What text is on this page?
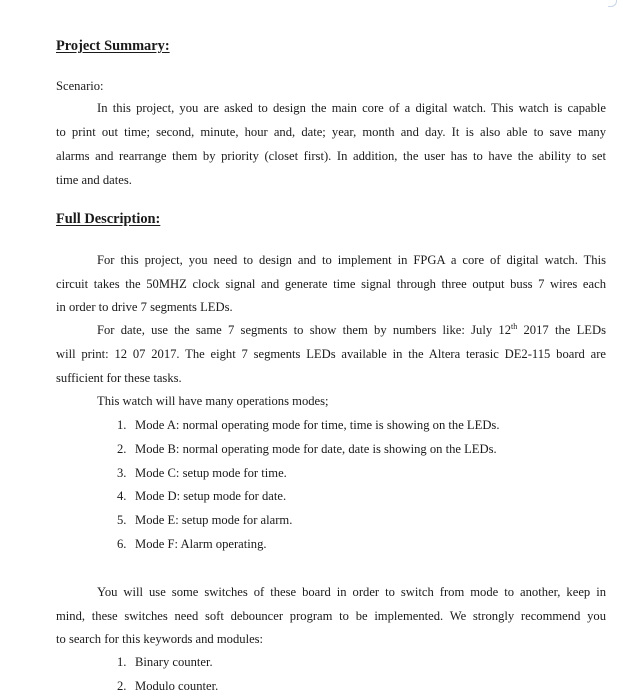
Project Summary:
Scenario:
In this project, you are asked to design the main core of a digital watch. This watch is capable
to print out time; second, minute, hour and, date; year, month and day. It is also able to save many
alarms and rearrange them by priority (closet first). In addition, the user has to have the ability to set
time and dates.
Full Description:
For this project, you need to design and to implement in FPGA a core of digital watch. This
circuit takes the 50MHZ clock signal and generate time signal through three output buss 7 wires each
in order to drive 7 segments LEDs.
For date, use the same 7 segments to show them by numbers like: July 12th 2017 the LEDs
will print: 12 07 2017. The eight 7 segments LEDs available in the Altera terasic DE2-115 board are
sufficient for these tasks.
This watch will have many operations modes;
1. Mode A: normal operating mode for time, time is showing on the LEDs.
2. Mode B: normal operating mode for date, date is showing on the LEDs.
3. Mode C: setup mode for time.
4. Mode D: setup mode for date.
5. Mode E: setup mode for alarm.
6. Mode F: Alarm operating.
You will use some switches of these board in order to switch from mode to another, keep in
mind, these switches need soft debouncer program to be implemented. We strongly recommend you
to search for this keywords and modules:
1. Binary counter.
2. Modulo counter.
